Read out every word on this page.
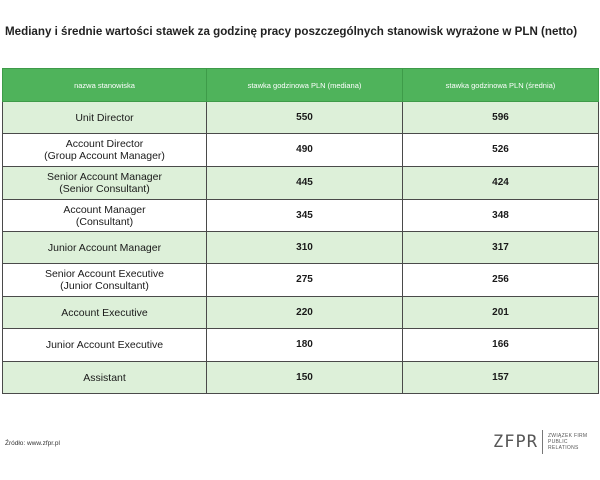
Mediany i średnie wartości stawek za godzinę pracy poszczególnych stanowisk wyrażone w PLN (netto)
nazwa stanowiska	stawka godzinowa PLN (mediana)	stawka godzinowa PLN (średnia)

Unit Director	550	596

Account Director
(Group Account Manager)	490	526

Senior Account Manager
(Senior Consultant)	445	424

Account Manager
(Consultant)	345	348

Junior Account Manager	310	317

Senior Account Executive
(Junior Consultant)	275	256

Account Executive	220	201

Junior Account Executive	180	166

Assistant	150	157
Źródło: www.zfpr.pl	ZFPR ZWIĄZEK FIRM
PUBLIC
RELATIONS
